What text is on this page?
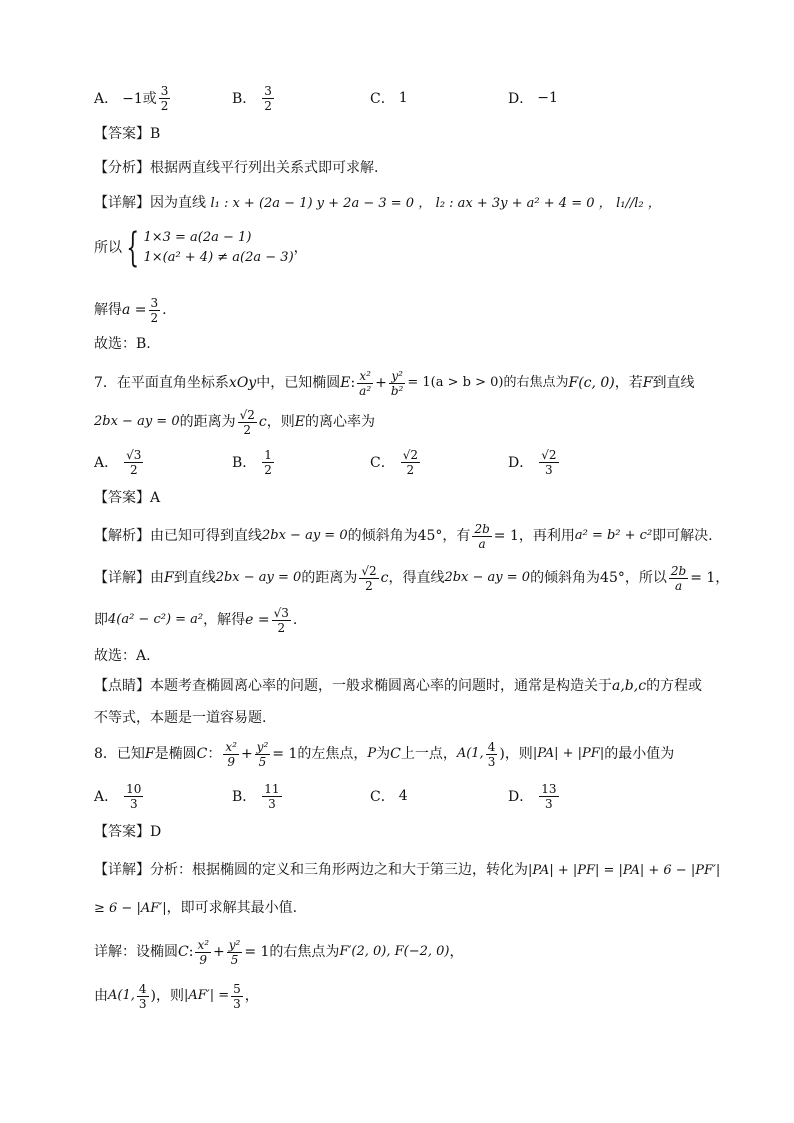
A． −1或 $\frac{3}{2}$	B． $\frac{3}{2}$	C． 1	D． −1
【答案】B
【分析】根据两直线平行列出关系式即可求解.
【详解】因为直线 l₁ : x + (2a − 1) y + 2a − 3 = 0 ， l₂ : ax + 3y + a² + 4 = 0 ， l₁//l₂ ，
所以 { 1×3 = a(2a − 1)
1×(a² + 4) ≠ a(2a − 3)
，
解得 $a = \frac{3}{2}$ .
故选：B.
7．在平面直角坐标系 xOy 中，已知椭圆 E : $\frac{\text{x²}}{\text{a²}} + \frac{\text{y²}}{\text{b²}} = 1(a > b > 0)$的右焦点为 F(c, 0) ，若 F 到直线
2bx − ay = 0 的距离为 $\frac{√2}{2}$ c ，则 E 的离心率为
A． $\frac{√3}{2}$	B． $\frac{1}{2}$	C． $\frac{√2}{2}$	D． $\frac{√2}{3}$
【答案】A
【解析】 由已知可得到直线 2bx − ay = 0 的倾斜角为45°，有 $\frac{2b}{a} = 1$，再利用 a² = b² + c² 即可解决.
【详解】 由 F 到直线 2bx − ay = 0 的距离为 $\frac{√2}{2}$ c ，得直线 2bx − ay = 0 的倾斜角为45°，所以 $\frac{2b}{a} = 1$，
即 4(a² − c²) = a² ，解得 $e = \frac{√3}{2}$ .
故选：A.
【点睛】本题考查椭圆离心率的问题，一般求椭圆离心率的问题时，通常是构造关于a,b,c的方程或
不等式，本题是一道容易题.
8．已知 F 是椭圆 C ： $\frac{\text{x²}}{9} + \frac{\text{y²}}{5} = 1$的左焦点， P 为 C 上一点， A(1, $\frac{4}{3}$ ) ，则 |PA| + |PF| 的最小值为
A． $\frac{10}{3}$	B． $\frac{11}{3}$	C． 4	D． $\frac{13}{3}$
【答案】D
【详解】分析：根据椭圆的定义和三角形两边之和大于第三边，转化为|PA| + |PF| = |PA| + 6 − |PF′|
≥ 6 − |AF′|，即可求解其最小值.
详解：设椭圆 C : $\frac{\text{x²}}{9} + \frac{\text{y²}}{5} = 1$的右焦点为 F′(2, 0), F(−2, 0) ，
由 A(1, $\frac{4}{3}$ ) ，则 $|AF'| = \frac{5}{3}$ ，
